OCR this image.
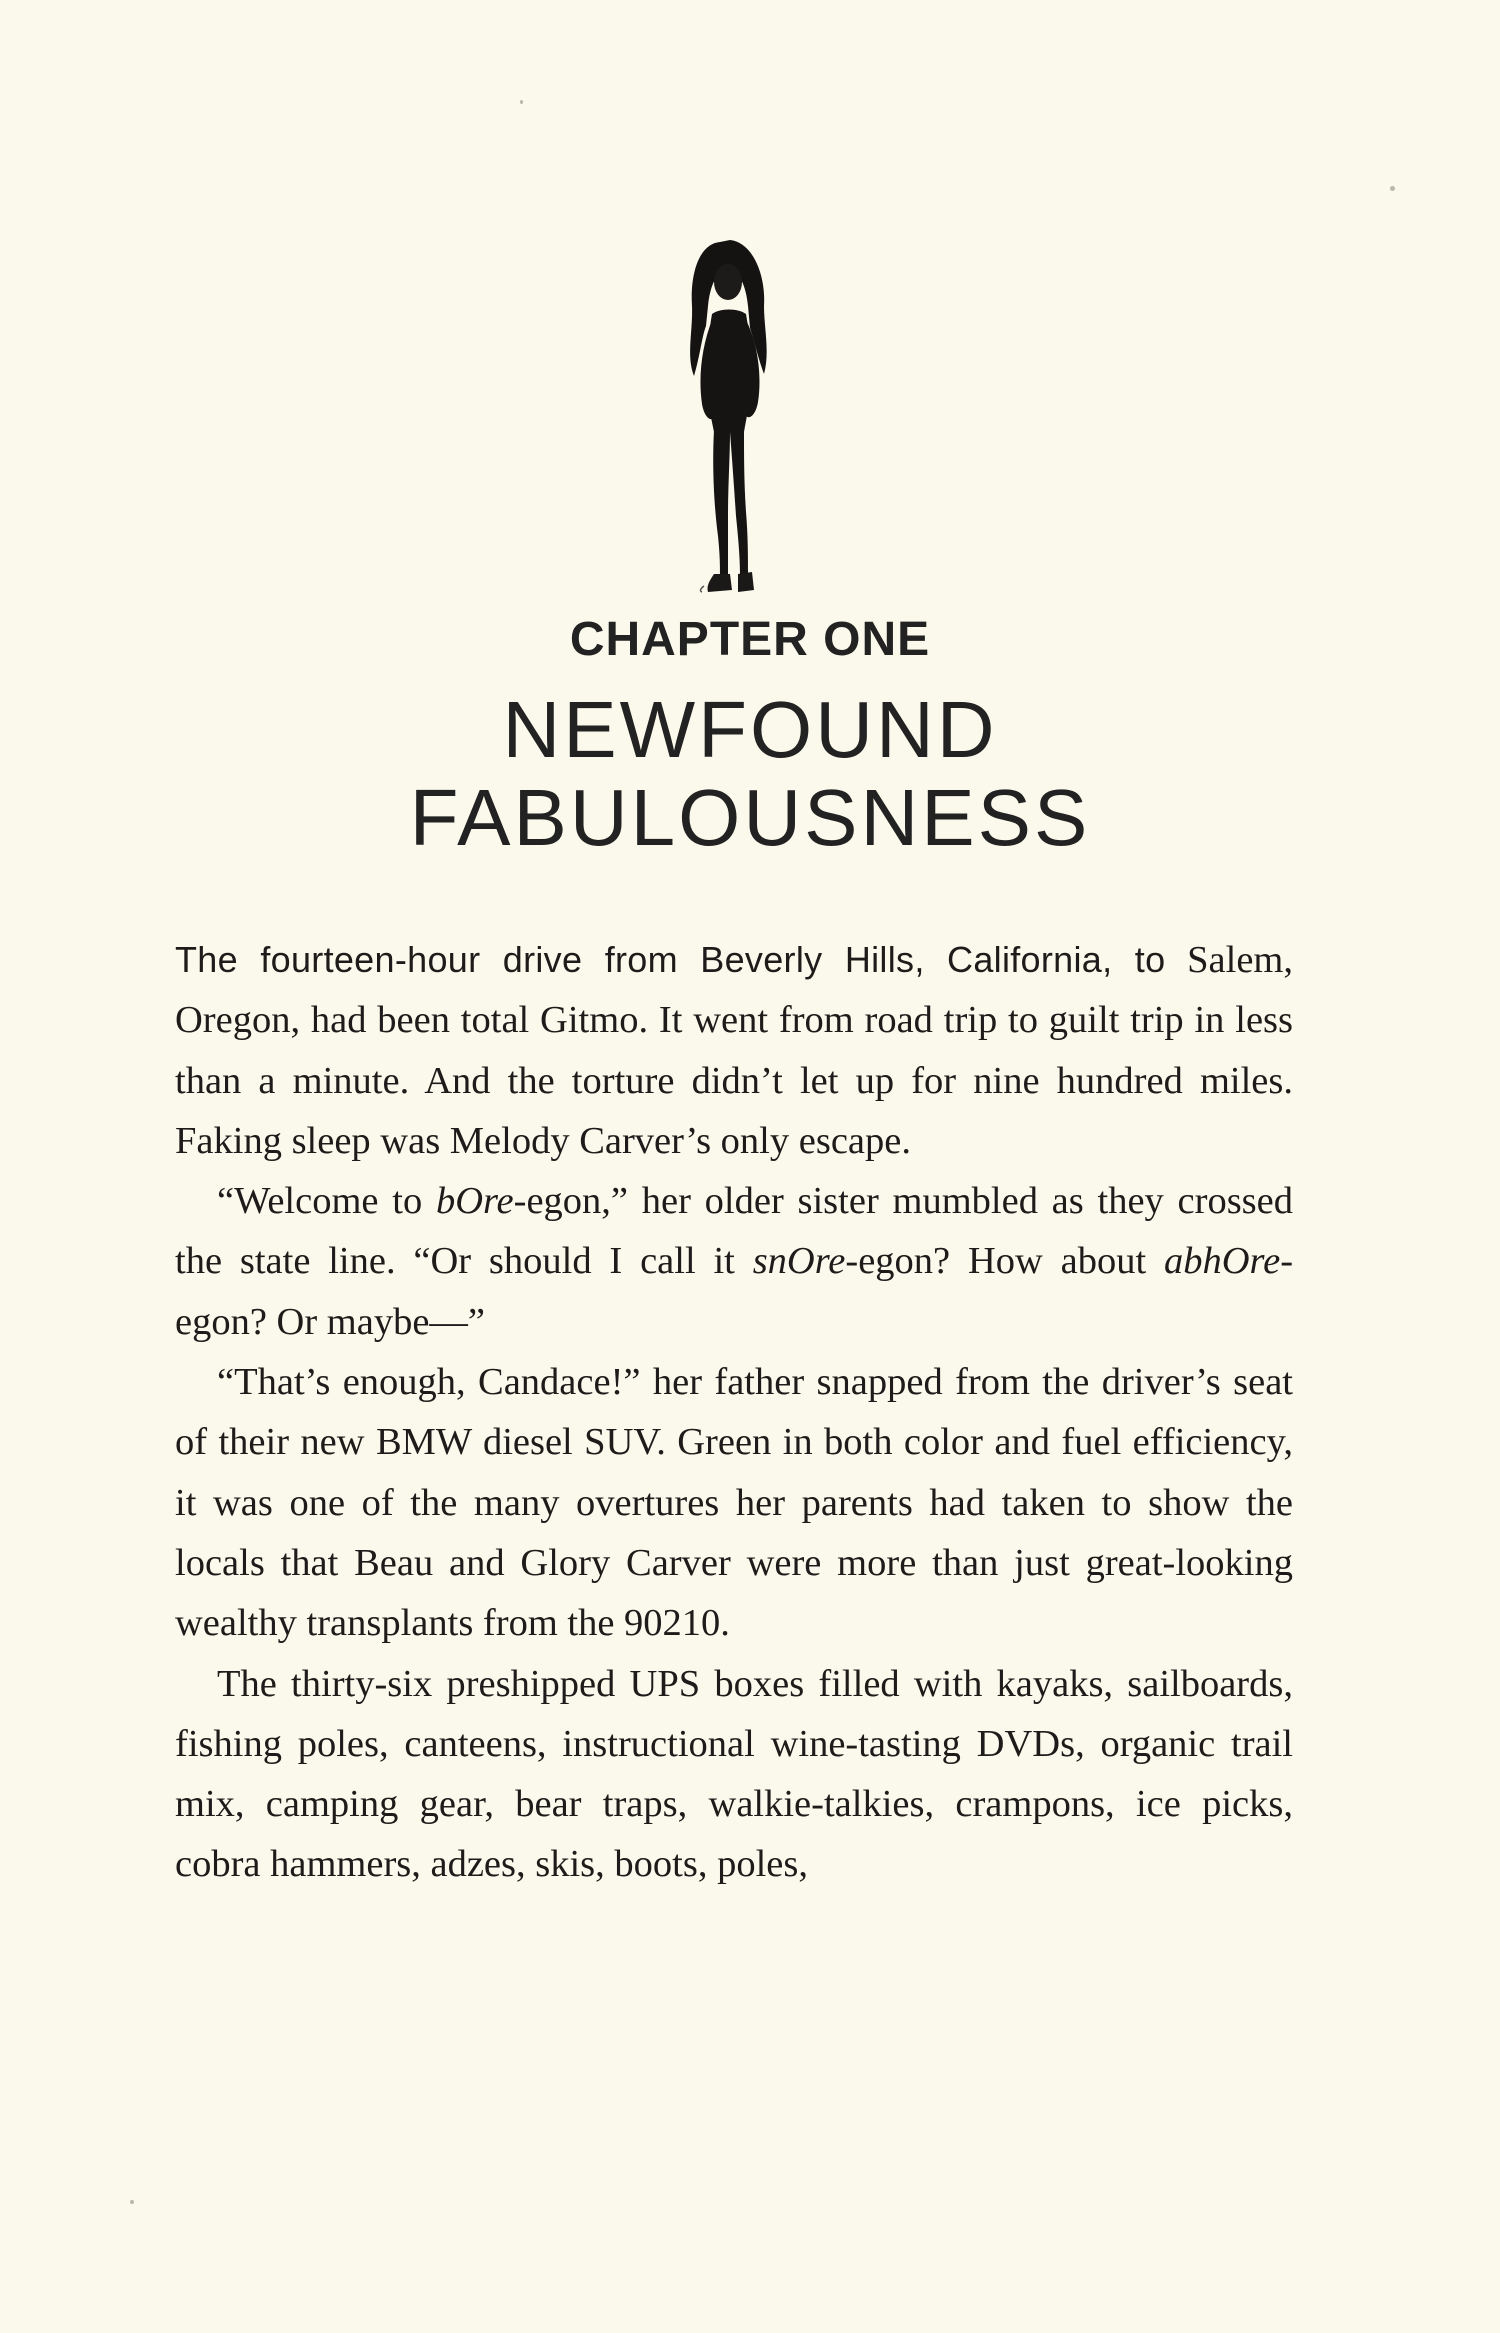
CHAPTER ONE
NEWFOUND
FABULOUSNESS

The fourteen-hour drive from Beverly Hills, California, to Salem, Oregon, had been total Gitmo. It went from road trip to guilt trip in less than a minute. And the torture didn’t let up for nine hundred miles. Faking sleep was Melody Carver’s only escape.

“Welcome to bOre-egon,” her older sister mumbled as they crossed the state line. “Or should I call it snOre-egon? How about abhOre-egon? Or maybe—”

“That’s enough, Candace!” her father snapped from the driver’s seat of their new BMW diesel SUV. Green in both color and fuel efficiency, it was one of the many overtures her parents had taken to show the locals that Beau and Glory Carver were more than just great-looking wealthy transplants from the 90210.

The thirty-six preshipped UPS boxes filled with kayaks, sailboards, fishing poles, canteens, instructional wine-tasting DVDs, organic trail mix, camping gear, bear traps, walkie-talkies, crampons, ice picks, cobra hammers, adzes, skis, boots, poles,
